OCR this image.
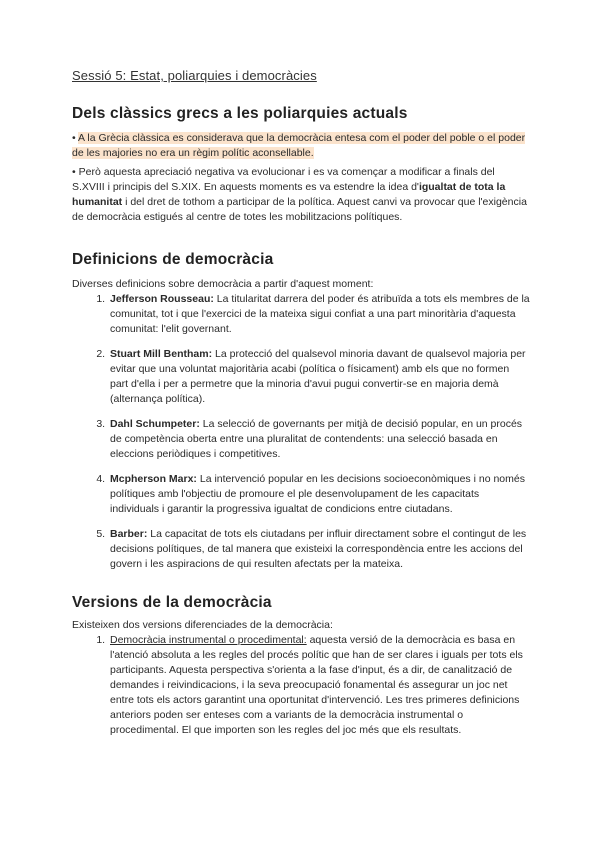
Sessió 5: Estat, poliarquies i democràcies
Dels clàssics grecs a les poliarquies actuals

• A la Grècia clàssica es considerava que la democràcia entesa com el poder del poble o el poder de les majories no era un règim polític aconsellable.

• Però aquesta apreciació negativa va evolucionar i es va començar a modificar a finals del S.XVIII i principis del S.XIX. En aquests moments es va estendre la idea d'igualtat de tota la humanitat i del dret de tothom a participar de la política. Aquest canvi va provocar que l'exigència de democràcia estigués al centre de totes les mobilitzacions polítiques.

Definicions de democràcia

Diverses definicions sobre democràcia a partir d'aquest moment:

1. Jefferson Rousseau: La titularitat darrera del poder és atribuïda a tots els membres de la comunitat, tot i que l'exercici de la mateixa sigui confiat a una part minoritària d'aquesta comunitat: l'elit governant.
2. Stuart Mill Bentham: La protecció del qualsevol minoria davant de qualsevol majoria per evitar que una voluntat majoritària acabi (política o físicament) amb els que no formen part d'ella i per a permetre que la minoria d'avui pugui convertir-se en majoria demà (alternança política).
3. Dahl Schumpeter: La selecció de governants per mitjà de decisió popular, en un procés de competència oberta entre una pluralitat de contendents: una selecció basada en eleccions periòdiques i competitives.
4. Mcpherson Marx: La intervenció popular en les decisions socioeconòmiques i no només polítiques amb l'objectiu de promoure el ple desenvolupament de les capacitats individuals i garantir la progressiva igualtat de condicions entre ciutadans.
5. Barber: La capacitat de tots els ciutadans per influir directament sobre el contingut de les decisions polítiques, de tal manera que existeixi la correspondència entre les accions del govern i les aspiracions de qui resulten afectats per la mateixa.
Versions de la democràcia

Existeixen dos versions diferenciades de la democràcia:

1. Democràcia instrumental o procedimental: aquesta versió de la democràcia es basa en l'atenció absoluta a les regles del procés polític que han de ser clares i iguals per tots els participants. Aquesta perspectiva s'orienta a la fase d'input, és a dir, de canalització de demandes i reivindicacions, i la seva preocupació fonamental és assegurar un joc net entre tots els actors garantint una oportunitat d'intervenció. Les tres primeres definicions anteriors poden ser enteses com a variants de la democràcia instrumental o procedimental. El que importen son les regles del joc més que els resultats.
